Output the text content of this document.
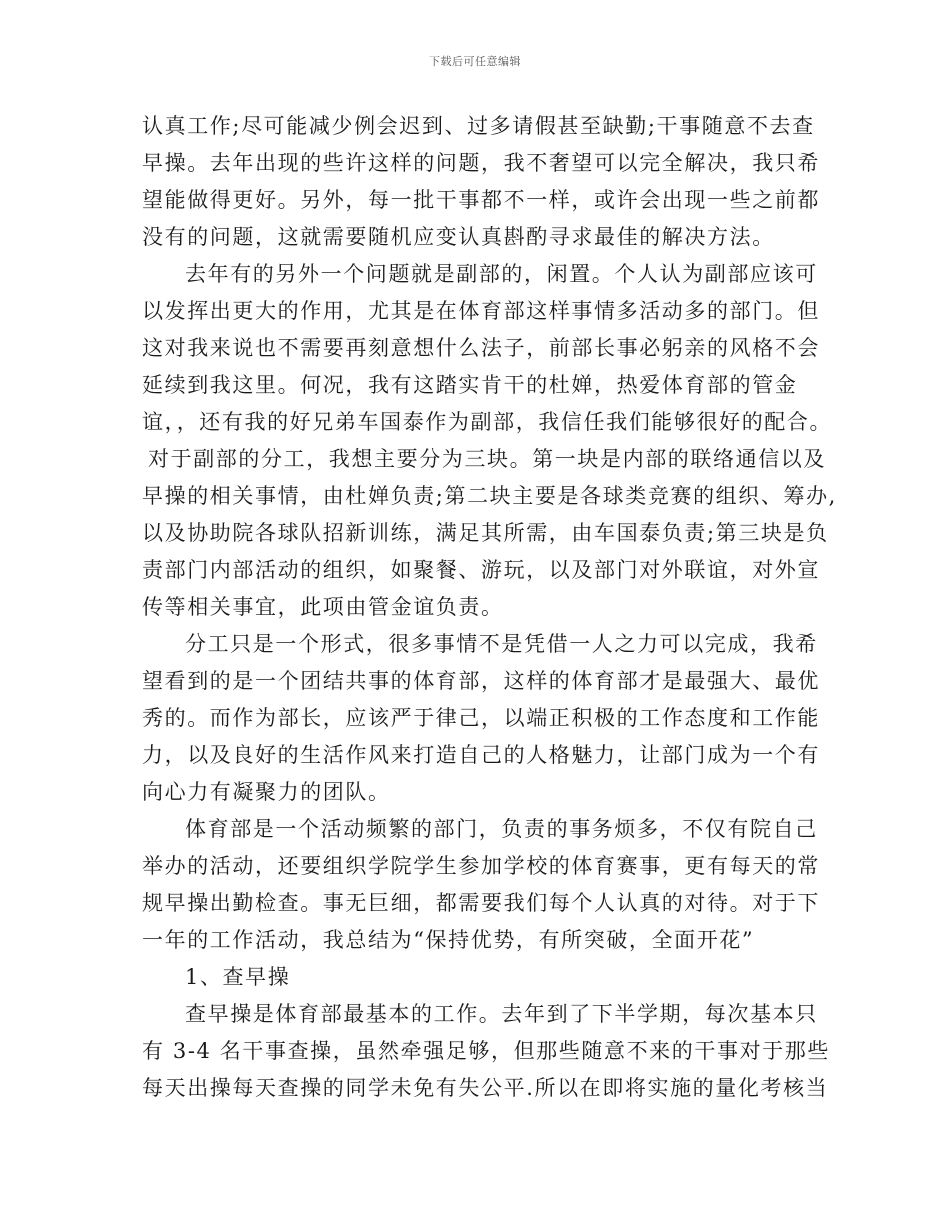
下载后可任意编辑
认真工作;尽可能减少例会迟到、过多请假甚至缺勤;干事随意不去查
早操。去年出现的些许这样的问题，我不奢望可以完全解决，我只希
望能做得更好。另外，每一批干事都不一样，或许会出现一些之前都
没有的问题，这就需要随机应变认真斟酌寻求最佳的解决方法。
去年有的另外一个问题就是副部的，闲置。个人认为副部应该可
以发挥出更大的作用，尤其是在体育部这样事情多活动多的部门。但
这对我来说也不需要再刻意想什么法子，前部长事必躬亲的风格不会
延续到我这里。何况，我有这踏实肯干的杜婵，热爱体育部的管金
谊，，还有我的好兄弟车国泰作为副部，我信任我们能够很好的配合。
对于副部的分工，我想主要分为三块。第一块是内部的联络通信以及
早操的相关事情，由杜婵负责;第二块主要是各球类竞赛的组织、筹办,
以及协助院各球队招新训练，满足其所需，由车国泰负责;第三块是负
责部门内部活动的组织，如聚餐、游玩，以及部门对外联谊，对外宣
传等相关事宜，此项由管金谊负责。
分工只是一个形式，很多事情不是凭借一人之力可以完成，我希
望看到的是一个团结共事的体育部，这样的体育部才是最强大、最优
秀的。而作为部长，应该严于律己，以端正积极的工作态度和工作能
力，以及良好的生活作风来打造自己的人格魅力，让部门成为一个有
向心力有凝聚力的团队。
体育部是一个活动频繁的部门，负责的事务烦多，不仅有院自己
举办的活动，还要组织学院学生参加学校的体育赛事，更有每天的常
规早操出勤检查。事无巨细，都需要我们每个人认真的对待。对于下
一年的工作活动，我总结为“保持优势，有所突破，全面开花”
1、查早操
查早操是体育部最基本的工作。去年到了下半学期，每次基本只
有 3-4 名干事查操，虽然牵强足够，但那些随意不来的干事对于那些
每天出操每天查操的同学未免有失公平.所以在即将实施的量化考核当
